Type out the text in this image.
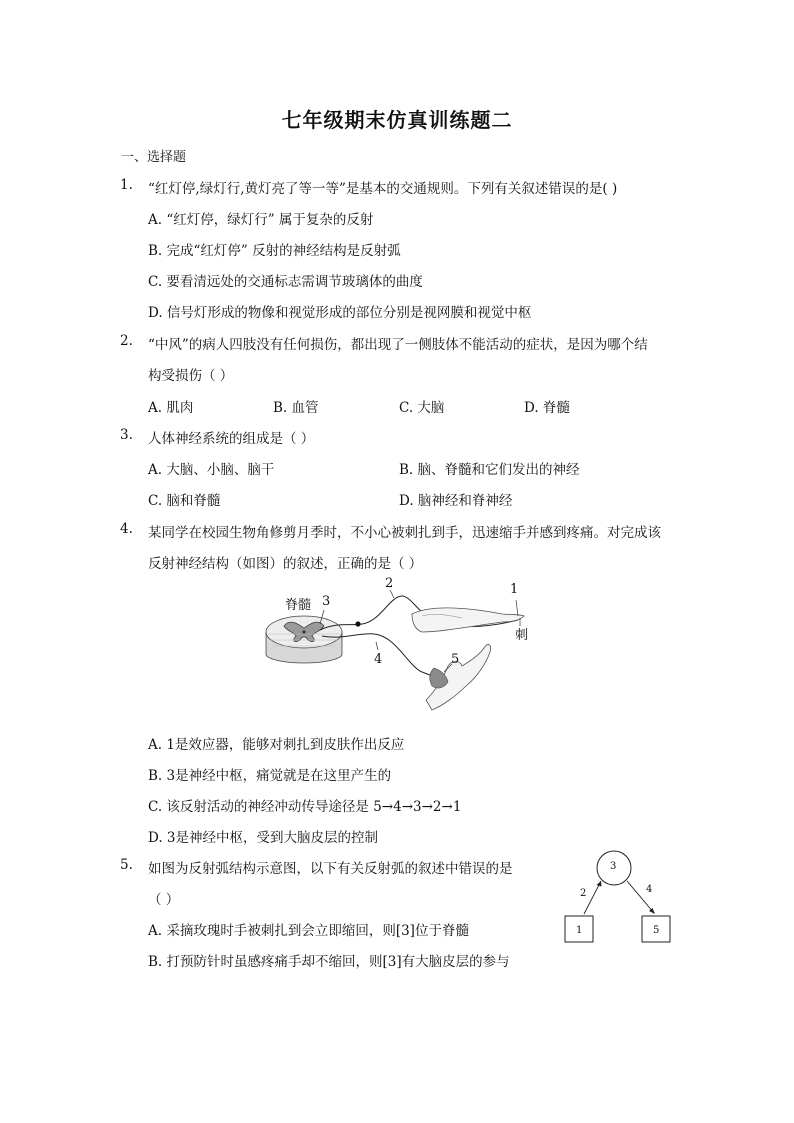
七年级期末仿真训练题二
一、选择题
1. “红灯停,绿灯行,黄灯亮了等一等”是基本的交通规则。下列有关叙述错误的是( )
A. “红灯停，绿灯行” 属于复杂的反射
B. 完成“红灯停” 反射的神经结构是反射弧
C. 要看清远处的交通标志需调节玻璃体的曲度
D. 信号灯形成的物像和视觉形成的部位分别是视网膜和视觉中枢
2. “中风”的病人四肢没有任何损伤，都出现了一侧肢体不能活动的症状，是因为哪个结
构受损伤（ ）
A. 肌肉	B. 血管	C. 大脑	D. 脊髓
3. 人体神经系统的组成是（ ）
A. 大脑、小脑、脑干	B. 脑、脊髓和它们发出的神经
C. 脑和脊髓	D. 脑神经和脊神经
4. 某同学在校园生物角修剪月季时，不小心被刺扎到手，迅速缩手并感到疼痛。对完成该
反射神经结构（如图）的叙述，正确的是（ ）
脊髓 3
2	1
刺
4	5
A. 1是效应器，能够对刺扎到皮肤作出反应
B. 3是神经中枢，痛觉就是在这里产生的
C. 该反射活动的神经冲动传导途径是 5→4→3→2→1
D. 3是神经中枢，受到大脑皮层的控制
5. 如图为反射弧结构示意图，以下有关反射弧的叙述中错误的是
（ ）
A. 采摘玫瑰时手被刺扎到会立即缩回，则[3]位于脊髓
B. 打预防针时虽感疼痛手却不缩回，则[3]有大脑皮层的参与
3
2	4
1	5
